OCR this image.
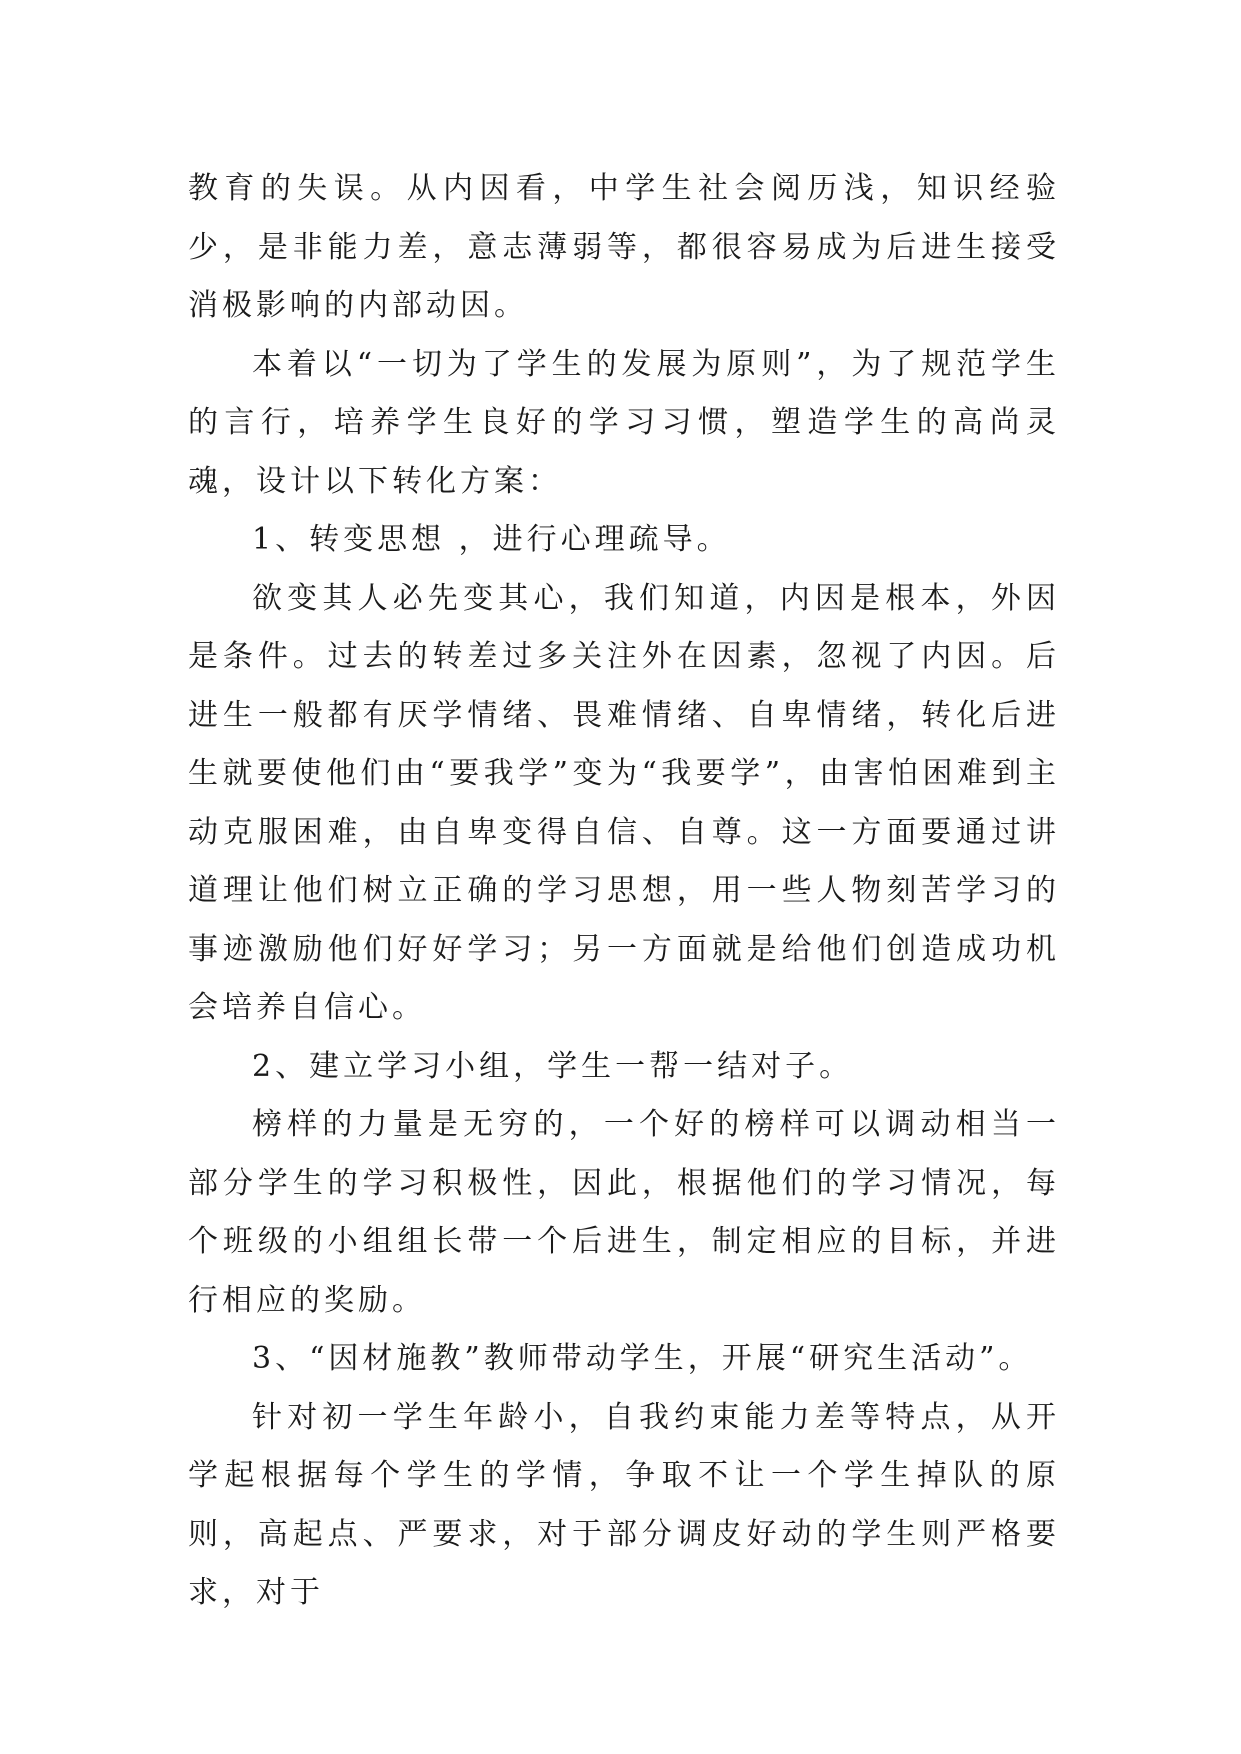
教育的失误。从内因看，中学生社会阅历浅，知识经验少，是非能力差，意志薄弱等，都很容易成为后进生接受消极影响的内部动因。

本着以“一切为了学生的发展为原则”，为了规范学生的言行，培养学生良好的学习习惯，塑造学生的高尚灵魂，设计以下转化方案：

1、转变思想 ，进行心理疏导。

欲变其人必先变其心，我们知道，内因是根本，外因是条件。过去的转差过多关注外在因素，忽视了内因。后进生一般都有厌学情绪、畏难情绪、自卑情绪，转化后进生就要使他们由“要我学”变为“我要学”，由害怕困难到主动克服困难，由自卑变得自信、自尊。这一方面要通过讲道理让他们树立正确的学习思想，用一些人物刻苦学习的事迹激励他们好好学习；另一方面就是给他们创造成功机会培养自信心。

2、建立学习小组，学生一帮一结对子。

榜样的力量是无穷的，一个好的榜样可以调动相当一部分学生的学习积极性，因此，根据他们的学习情况，每个班级的小组组长带一个后进生，制定相应的目标，并进行相应的奖励。

3、“因材施教”教师带动学生，开展“研究生活动”。

针对初一学生年龄小，自我约束能力差等特点，从开学起根据每个学生的学情，争取不让一个学生掉队的原则，高起点、严要求，对于部分调皮好动的学生则严格要求，对于
